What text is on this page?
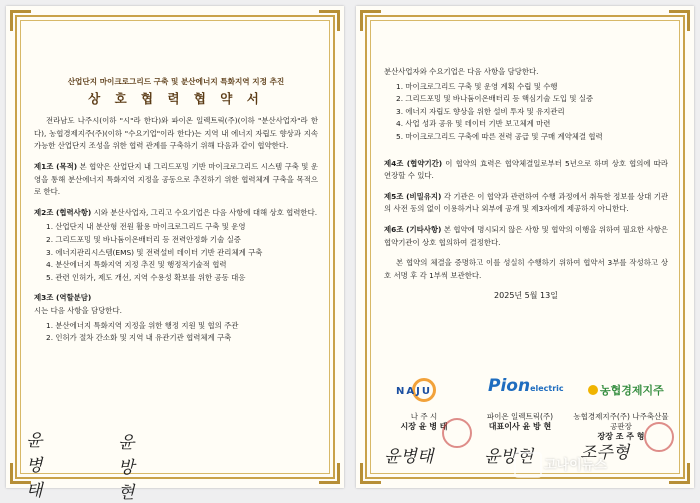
산업단지 마이크로그리드 구축 및 분산에너지 특화지역 지정 추진
상 호 협 력 협 약 서
전라남도 나주시(이하 "시"라 한다)와 파이온 일렉트릭(주)(이하 "분산사업자"라 한다), 농협경제지주(주)(이하 "수요기업"이라 한다)는 지역 내 에너지 자립도 향상과 지속가능한 산업단지 조성을 위한 협력 관계를 구축하기 위해 다음과 같이 협약한다.
제1조 (목적) 본 협약은 산업단지 내 그리드포밍 기반 마이크로그리드 시스템 구축 및 운영을 통해 분산에너지 특화지역 지정을 공동으로 추진하기 위한 협력체계 구축을 목적으로 한다.
제2조 (협력사항) 시와 분산사업자, 그리고 수요기업은 다음 사항에 대해 상호 협력한다.
1. 산업단지 내 분산형 전원 활용 마이크로그리드 구축 및 운영
2. 그리드포밍 및 바나듐이온배터리 등 전력안정화 기술 실증
3. 에너지관리시스템(EMS) 및 전력설비 데이터 기반 관리체계 구축
4. 분산에너지 특화지역 지정 추진 및 행정적기술적 협력
5. 관련 인허가, 제도 개선, 지역 수용성 확보를 위한 공동 대응
제3조 (역할분담)
시는 다음 사항을 담당한다.
1. 분산에너지 특화지역 지정을 위한 행정 지원 및 협의 주관
2. 인허가 절차 간소화 및 지역 내 유관기관 협력체계 구축
윤병태
윤방현
분산사업자와 수요기업은 다음 사항을 담당한다.
1. 마이크로그리드 구축 및 운영 계획 수립 및 수행
2. 그리드포밍 및 바나듐이온배터리 등 핵심기술 도입 및 실증
3. 에너지 자립도 향상을 위한 설비 투자 및 유지관리
4. 사업 성과 공유 및 데이터 기반 보고체계 마련
5. 마이크로그리드 구축에 따른 전력 공급 및 구매 계약체결 협력
제4조 (협약기간) 이 협약의 효력은 협약체결일로부터 5년으로 하며 상호 협의에 따라 연장할 수 있다.
제5조 (비밀유지) 각 기관은 이 협약과 관련하여 수행 과정에서 취득한 정보를 상대 기관의 사전 동의 없이 이용하거나 외부에 공개 및 제3자에게 제공하지 아니한다.
제6조 (기타사항) 본 협약에 명시되지 않은 사항 및 협약의 이행을 위하여 필요한 사항은 협약기관이 상호 협의하여 결정한다.
본 협약의 체결을 증명하고 이를 성실히 수행하기 위하여 협약서 3부를 작성하고 상호 서명 후 각 1부씩 보관한다.
2025년 5월 13일
NAJU	Pionelectric	농협경제지주
나 주 시
시장 윤 병 태
파이온 일렉트릭(주)
대표이사 윤 방 현
농협경제지주(주) 나주축산물공판장
장장 조 주 형
윤병태	윤방현	조주형
고나이뉴스
